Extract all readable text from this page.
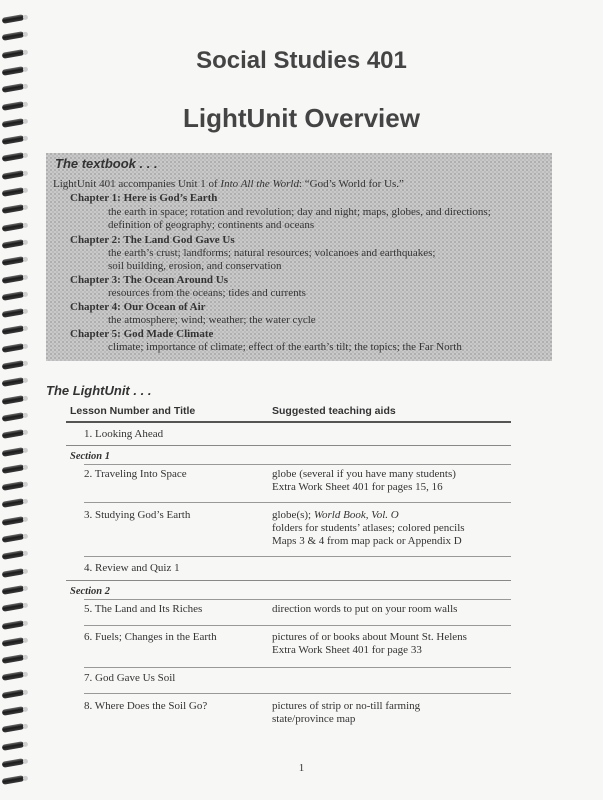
Social Studies 401
LightUnit Overview
The textbook . . .
LightUnit 401 accompanies Unit 1 of Into All the World: “God’s World for Us.”
Chapter 1: Here is God’s Earth
the earth in space; rotation and revolution; day and night; maps, globes, and directions;
definition of geography; continents and oceans
Chapter 2: The Land God Gave Us
the earth’s crust; landforms; natural resources; volcanoes and earthquakes;
soil building, erosion, and conservation
Chapter 3: The Ocean Around Us
resources from the oceans; tides and currents
Chapter 4: Our Ocean of Air
the atmosphere; wind; weather; the water cycle
Chapter 5: God Made Climate
climate; importance of climate; effect of the earth’s tilt; the topics; the Far North
The LightUnit . . .
Lesson Number and Title	Suggested teaching aids
1. Looking Ahead
Section 1
2. Traveling Into Space	globe (several if you have many students)
Extra Work Sheet 401 for pages 15, 16
3. Studying God’s Earth	globe(s); World Book, Vol. O
folders for students’ atlases; colored pencils
Maps 3 & 4 from map pack or Appendix D
4. Review and Quiz 1
Section 2
5. The Land and Its Riches	direction words to put on your room walls
6. Fuels; Changes in the Earth	pictures of or books about Mount St. Helens
Extra Work Sheet 401 for page 33
7. God Gave Us Soil
8. Where Does the Soil Go?	pictures of strip or no-till farming
state/province map
1
